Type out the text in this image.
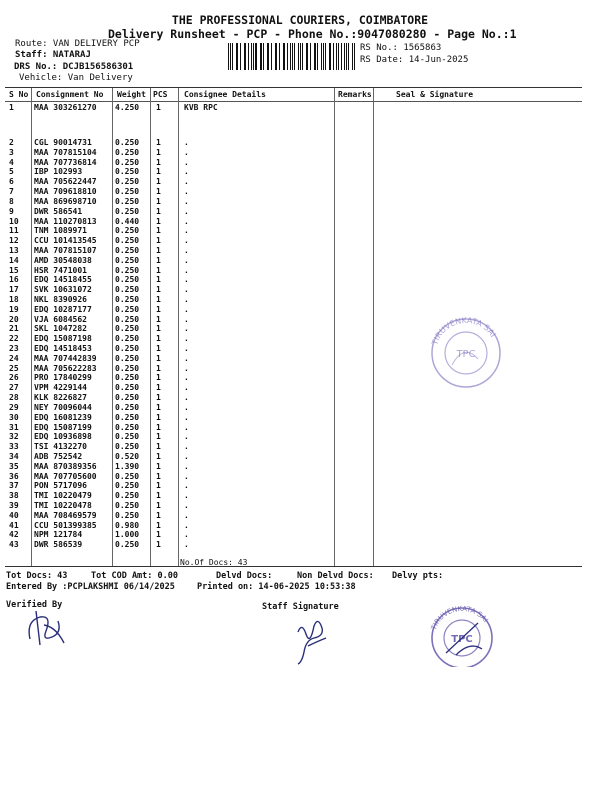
THE PROFESSIONAL COURIERS, COIMBATORE
Delivery Runsheet - PCP - Phone No.:9047080280 - Page No.:1
Route: VAN DELIVERY PCP
Staff: NATARAJ
DRS No.: DCJB156586301
Vehicle: Van Delivery
RS No.: 1565863
RS Date: 14-Jun-2025
S No Consignment No Weight PCS Consignee Details	Remarks	Seal & Signature
1	MAA 303261270 4.250 1	KVB RPC
2	CGL 90014731	0.250 1	.
3	MAA 707815104 0.250 1	.
4	MAA 707736814 0.250 1	.
5	IBP 102993	0.250 1	.
6	MAA 705622447 0.250 1	.
7	MAA 709618810 0.250 1	.
8	MAA 869698710 0.250 1	.
9	DWR 586541	0.250 1	.
10 MAA 110270813 0.440 1	.
11 TNM 1089971	0.250 1	.
12 CCU 101413545 0.250 1	.
13 MAA 707815107 0.250 1	.
14 AMD 30548038	0.250 1	.
15 HSR 7471001	0.250 1	.
16 EDQ 14518455	0.250 1	.
17 SVK 10631072	0.250 1	.
18 NKL 8390926	0.250 1	.
19 EDQ 10287177	0.250 1	.
20 VJA 6084562	0.250 1	.
21 SKL 1047282	0.250 1	.
22 EDQ 15087198	0.250 1	.
23 EDQ 14518453	0.250 1	.
24 MAA 707442839 0.250 1	.
25 MAA 705622283 0.250 1	.
26 PRO 17840299	0.250 1	.
27 VPM 4229144	0.250 1	.
28 KLK 8226827	0.250 1	.
29 NEY 70096044	0.250 1	.
30 EDQ 16081239	0.250 1	.
31 EDQ 15087199	0.250 1	.
32 EDQ 10936898	0.250 1	.
33 TSI 4132270	0.250 1	.
34 ADB 752542	0.520 1	.
35 MAA 870389356 1.390 1	.
36 MAA 707705600 0.250 1	.
37 PON 5717096	0.250 1	.
38 TMI 10220479	0.250 1	.
39 TMI 10220478	0.250 1	.
40 MAA 708469579 0.250 1	.
41 CCU 501399385 0.980 1	.
42 NPM 121784	1.000 1	.
43 DWR 586539	0.250 1	.
No.Of Docs: 43
Tot Docs: 43	Tot COD Amt: 0.00	Delvd Docs:	Non Delvd Docs: Delvy pts:
Entered By :PCPLAKSHMI 06/14/2025	Printed on: 14-06-2025 10:53:38
Verified By	Staff Signature
TIRUVENKATA SAI
TPC
TIRUVENKATA SAI
TPC
